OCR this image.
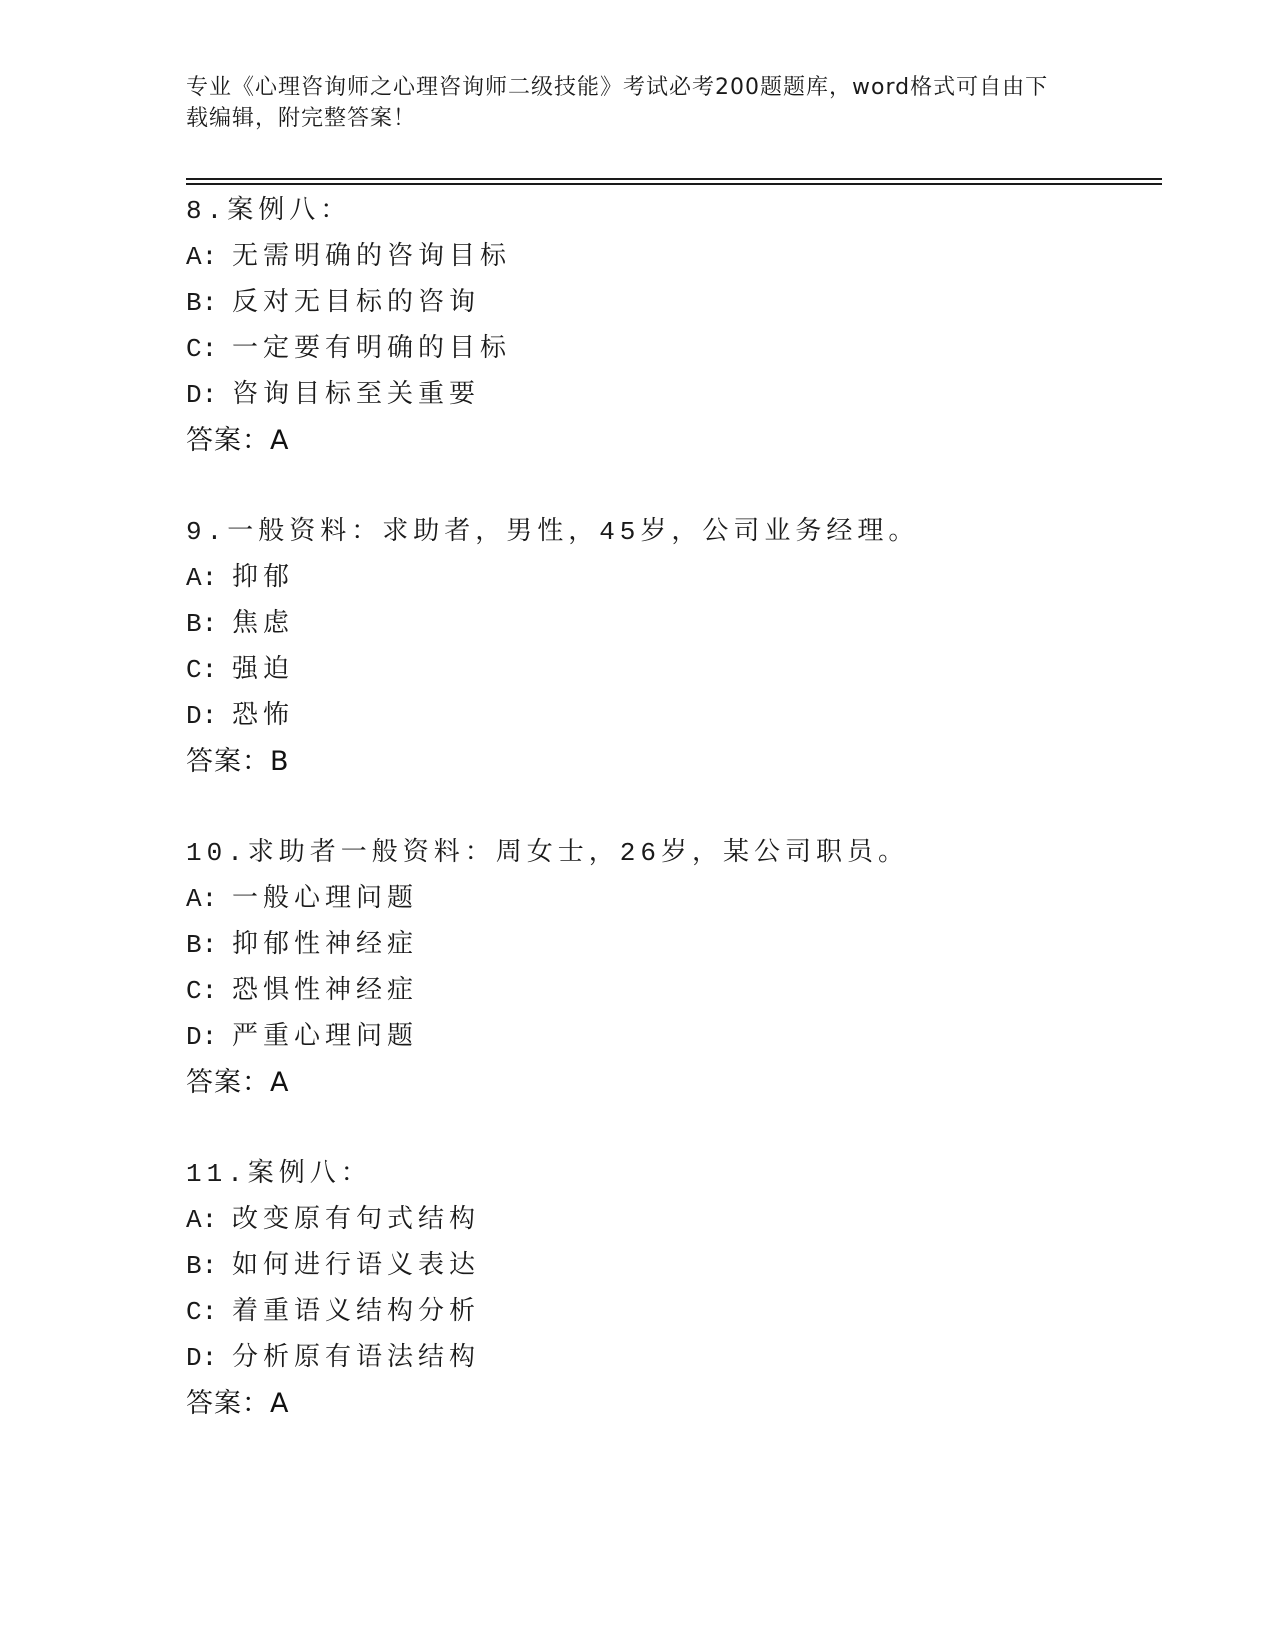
专业《心理咨询师之心理咨询师二级技能》考试必考200题题库，word格式可自由下载编辑，附完整答案！
8.案例八：
A: 无需明确的咨询目标
B: 反对无目标的咨询
C: 一定要有明确的目标
D: 咨询目标至关重要
答案：A
9.一般资料：求助者，男性，45岁，公司业务经理。
A: 抑郁
B: 焦虑
C: 强迫
D: 恐怖
答案：B
10.求助者一般资料：周女士，26岁，某公司职员。
A: 一般心理问题
B: 抑郁性神经症
C: 恐惧性神经症
D: 严重心理问题
答案：A
11.案例八：
A: 改变原有句式结构
B: 如何进行语义表达
C: 着重语义结构分析
D: 分析原有语法结构
答案：A
